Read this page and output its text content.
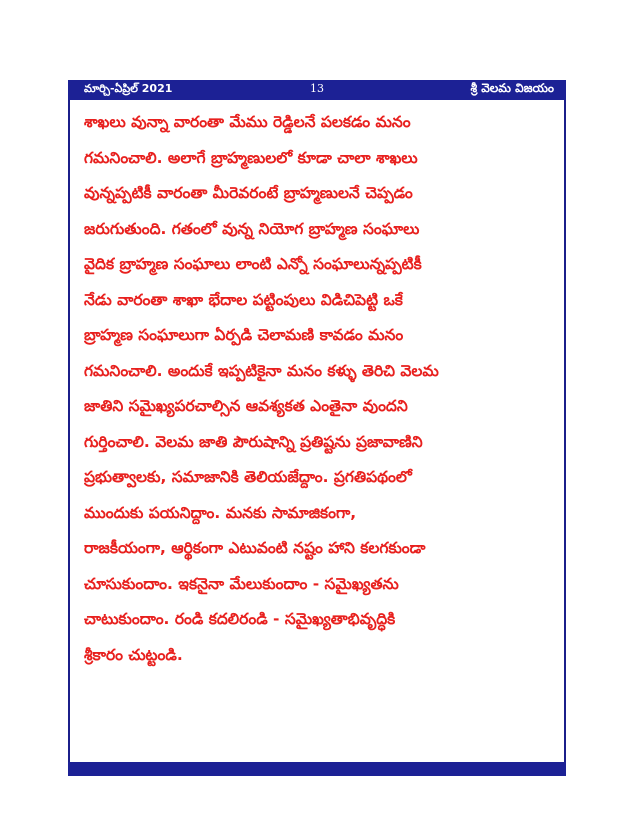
మార్చి-ఏప్రిల్ 2021	13	శ్రీ వెలమ విజయం
శాఖలు వున్నా వారంతా మేము రెడ్డిలనే పలకడం మనం
గమనించాలి. అలాగే బ్రాహ్మణులలో కూడా చాలా శాఖలు
వున్నప్పటికీ వారంతా మీరెవరంటే బ్రాహ్మణులనే చెప్పడం
జరుగుతుంది. గతంలో వున్న నియోగ బ్రాహ్మణ సంఘాలు
వైదిక బ్రాహ్మణ సంఘాలు లాంటి ఎన్నో సంఘాలున్నప్పటికీ
నేడు వారంతా శాఖా భేదాల పట్టింపులు విడిచిపెట్టి ఒకే
బ్రాహ్మణ సంఘాలుగా ఏర్పడి చెలామణి కావడం మనం
గమనించాలి. అందుకే ఇప్పటికైనా మనం కళ్ళు తెరిచి వెలమ
జాతిని సమైఖ్యపరచాల్సిన ఆవశ్యకత ఎంతైనా వుందని
గుర్తించాలి. వెలమ జాతి పౌరుషాన్ని ప్రతిష్టను ప్రజావాణిని
ప్రభుత్వాలకు, సమాజానికి తెలియజేద్దాం. ప్రగతిపథంలో
ముందుకు పయనిద్దాం. మనకు సామాజికంగా,
రాజకీయంగా, ఆర్థికంగా ఎటువంటి నష్టం హాని కలగకుండా
చూసుకుందాం. ఇకనైనా మేలుకుందాం - సమైఖ్యతను
చాటుకుందాం. రండి కదలిరండి - సమైఖ్యతాభివృద్ధికి
శ్రీకారం చుట్టండి.
